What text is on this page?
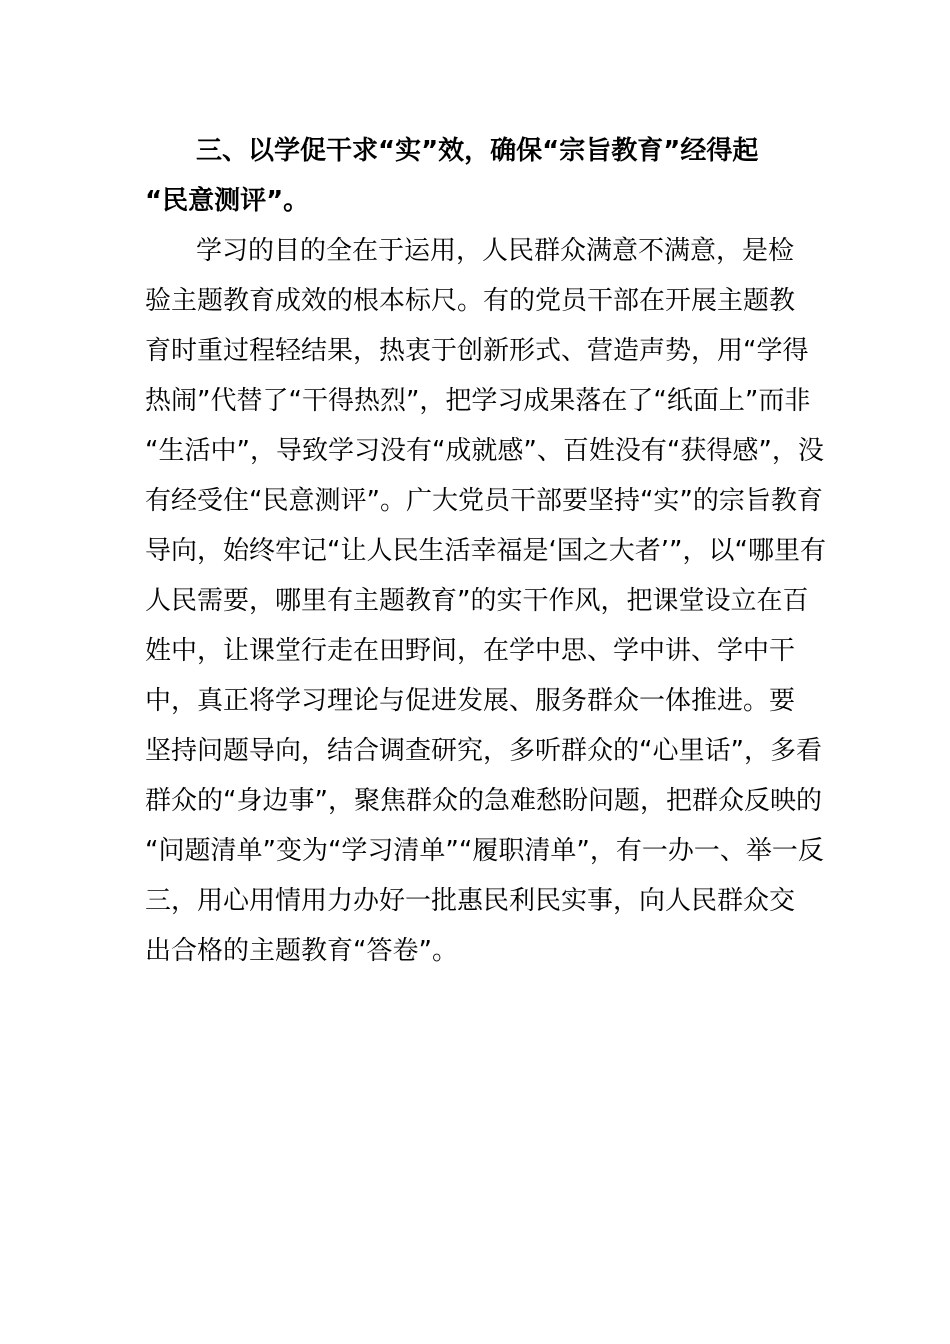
三、以学促干求“实”效，确保“宗旨教育”经得起

“民意测评”。

学习的目的全在于运用，人民群众满意不满意，是检

验主题教育成效的根本标尺。有的党员干部在开展主题教

育时重过程轻结果，热衷于创新形式、营造声势，用“学得

热闹”代替了“干得热烈”，把学习成果落在了“纸面上”而非

“生活中”，导致学习没有“成就感”、百姓没有“获得感”，没

有经受住“民意测评”。广大党员干部要坚持“实”的宗旨教育

导向，始终牢记“让人民生活幸福是‘国之大者’”，以“哪里有

人民需要，哪里有主题教育”的实干作风，把课堂设立在百

姓中，让课堂行走在田野间，在学中思、学中讲、学中干

中，真正将学习理论与促进发展、服务群众一体推进。要

坚持问题导向，结合调查研究，多听群众的“心里话”，多看

群众的“身边事”，聚焦群众的急难愁盼问题，把群众反映的

“问题清单”变为“学习清单”“履职清单”，有一办一、举一反

三，用心用情用力办好一批惠民利民实事，向人民群众交

出合格的主题教育“答卷”。
